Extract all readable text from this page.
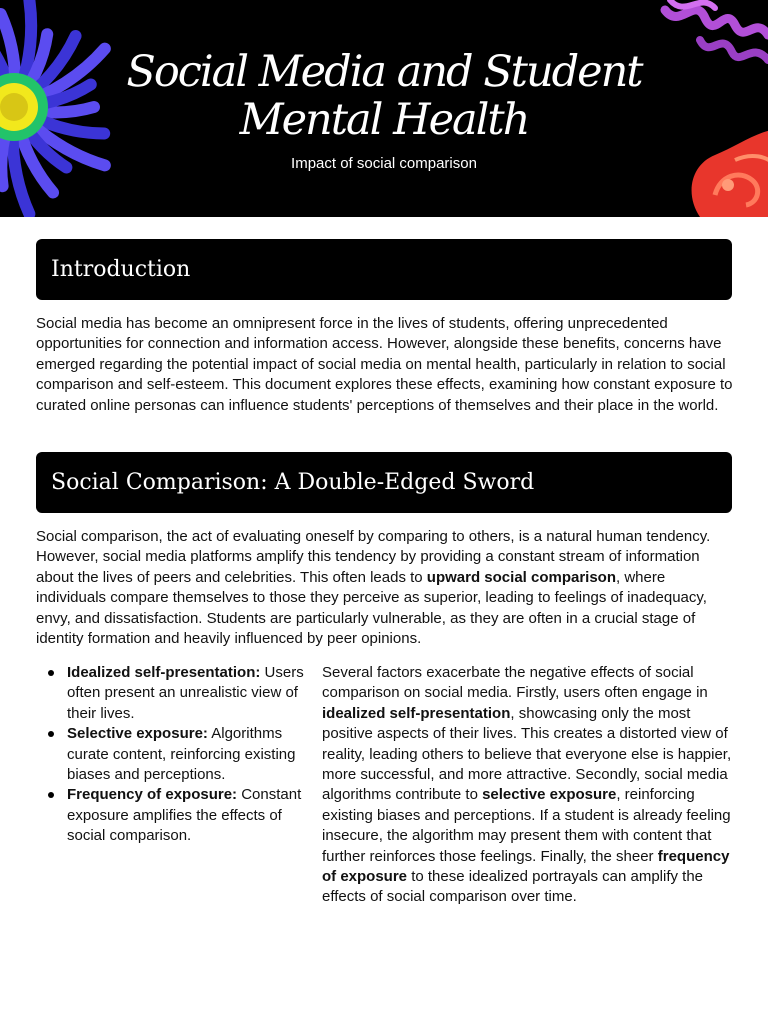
Social Media and Student
Mental Health
Impact of social comparison
Introduction

Social media has become an omnipresent force in the lives of students, offering unprecedented opportunities for connection and information access. However, alongside these benefits, concerns have emerged regarding the potential impact of social media on mental health, particularly in relation to social comparison and self-esteem. This document explores these effects, examining how constant exposure to curated online personas can influence students' perceptions of themselves and their place in the world.

Social Comparison: A Double-Edged Sword

Social comparison, the act of evaluating oneself by comparing to others, is a natural human tendency. However, social media platforms amplify this tendency by providing a constant stream of information about the lives of peers and celebrities. This often leads to upward social comparison, where individuals compare themselves to those they perceive as superior, leading to feelings of inadequacy, envy, and dissatisfaction. Students are particularly vulnerable, as they are often in a crucial stage of identity formation and heavily influenced by peer opinions.

Idealized self-presentation: Users often present an unrealistic view of their lives.
Selective exposure: Algorithms curate content, reinforcing existing biases and perceptions.
Frequency of exposure: Constant exposure amplifies the effects of social comparison.

Several factors exacerbate the negative effects of social comparison on social media. Firstly, users often engage in idealized self-presentation, showcasing only the most positive aspects of their lives. This creates a distorted view of reality, leading others to believe that everyone else is happier, more successful, and more attractive. Secondly, social media algorithms contribute to selective exposure, reinforcing existing biases and perceptions. If a student is already feeling insecure, the algorithm may present them with content that further reinforces those feelings. Finally, the sheer frequency of exposure to these idealized portrayals can amplify the effects of social comparison over time.
